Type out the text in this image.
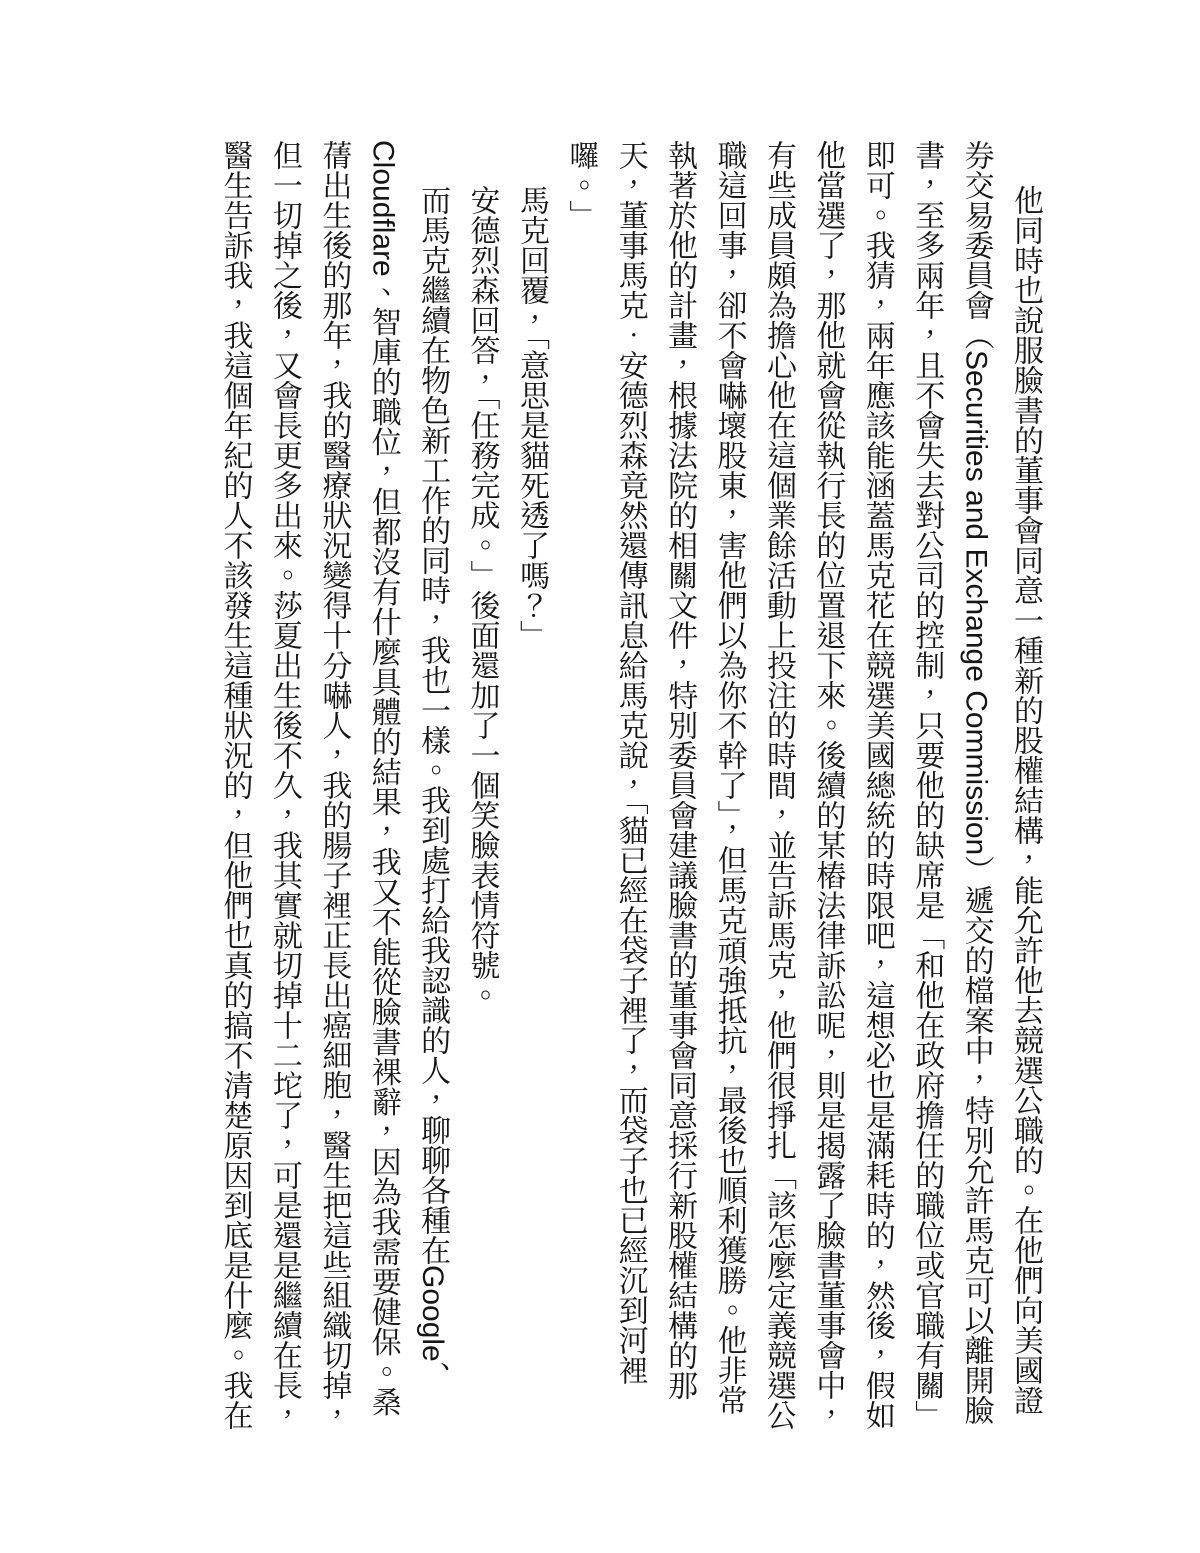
他同時也說服臉書的董事會同意一種新的股權結構，能允許他去競選公職的。在他們向美國證券交易委員會（Securities and Exchange Commission）遞交的檔案中，特別允許馬克可以離開臉書，至多兩年，且不會失去對公司的控制，只要他的缺席是「和他在政府擔任的職位或官職有關」即可。我猜，兩年應該能涵蓋馬克花在競選美國總統的時限吧，這想必也是滿耗時的，然後，假如他當選了，那他就會從執行長的位置退下來。後續的某樁法律訴訟呢，則是揭露了臉書董事會中，有些成員頗為擔心他在這個業餘活動上投注的時間，並告訴馬克，他們很掙扎「該怎麼定義競選公職這回事，卻不會嚇壞股東，害他們以為你不幹了」，但馬克頑強抵抗，最後也順利獲勝。他非常執著於他的計畫，根據法院的相關文件，特別委員會建議臉書的董事會同意採行新股權結構的那天，董事馬克．安德烈森竟然還傳訊息給馬克說，「貓已經在袋子裡了，而袋子也已經沉到河裡囉。」

馬克回覆，「意思是貓死透了嗎？」

安德烈森回答，「任務完成。」後面還加了一個笑臉表情符號。

而馬克繼續在物色新工作的同時，我也一樣。我到處打給我認識的人，聊聊各種在Google、Cloudflare、智庫的職位，但都沒有什麼具體的結果，我又不能從臉書裸辭，因為我需要健保。桑蒨出生後的那年，我的醫療狀況變得十分嚇人，我的腸子裡正長出癌細胞，醫生把這些組織切掉，但一切掉之後，又會長更多出來。莎夏出生後不久，我其實就切掉十二坨了，可是還是繼續在長，醫生告訴我，我這個年紀的人不該發生這種狀況的，但他們也真的搞不清楚原因到底是什麼。我在
